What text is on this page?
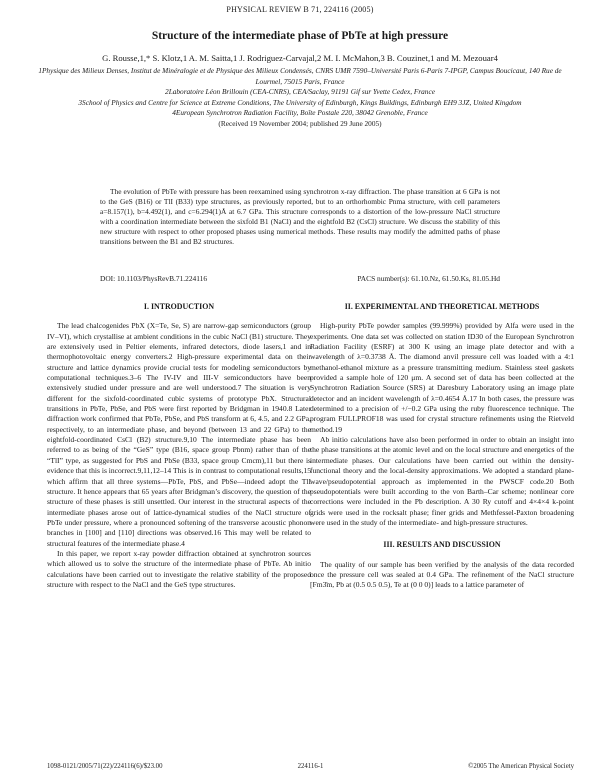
PHYSICAL REVIEW B 71, 224116 (2005)
Structure of the intermediate phase of PbTe at high pressure
G. Rousse,1,* S. Klotz,1 A. M. Saitta,1 J. Rodriguez-Carvajal,2 M. I. McMahon,3 B. Couzinet,1 and M. Mezouar4

1Physique des Milieux Denses, Institut de Minéralogie et de Physique des Milieux Condensés, CNRS UMR 7590–Université Paris 6-Paris 7-IPGP, Campus Boucicaut, 140 Rue de Lourmel, 75015 Paris, France

2Laboratoire Léon Brillouin (CEA-CNRS), CEA/Saclay, 91191 Gif sur Yvette Cedex, France

3School of Physics and Centre for Science at Extreme Conditions, The University of Edinburgh, Kings Buildings, Edinburgh EH9 3JZ, United Kingdom

4European Synchrotron Radiation Facility, Boîte Postale 220, 38042 Grenoble, France

(Received 19 November 2004; published 29 June 2005)

The evolution of PbTe with pressure has been reexamined using synchrotron x-ray diffraction. The phase transition at 6 GPa is not to the GeS (B16) or TlI (B33) type structures, as previously reported, but to an orthorhombic Pnma structure, with cell parameters a=8.157(1), b=4.492(1), and c=6.294(1)Å at 6.7 GPa. This structure corresponds to a distortion of the low-pressure NaCl structure with a coordination intermediate between the sixfold B1 (NaCl) and the eightfold B2 (CsCl) structure. We discuss the stability of this new structure with respect to other proposed phases using numerical methods. These results may modify the admitted paths of phase transitions between the B1 and B2 structures.
DOI: 10.1103/PhysRevB.71.224116	PACS number(s): 61.10.Nz, 61.50.Ks, 81.05.Hd
I. INTRODUCTION

The lead chalcogenides PbX (X=Te, Se, S) are narrow-gap semiconductors (group IV–VI), which crystallise at ambient conditions in the cubic NaCl (B1) structure. They are extensively used in Peltier elements, infrared detectors, diode lasers,1 and in thermophotovoltaic energy converters.2 High-pressure experimental data on their structure and lattice dynamics provide crucial tests for modeling semiconductors by computational techniques.3–6 The IV-IV and III-V semiconductors have been extensively studied under pressure and are well understood.7 The situation is very different for the sixfold-coordinated cubic systems of prototype PbX. Structural transitions in PbTe, PbSe, and PbS were first reported by Bridgman in 1940.8 Later diffraction work confirmed that PbTe, PbSe, and PbS transform at 6, 4.5, and 2.2 GPa, respectively, to an intermediate phase, and beyond (between 13 and 22 GPa) to the eightfold-coordinated CsCl (B2) structure.9,10 The intermediate phase has been referred to as being of the “GeS” type (B16, space group Pbnm) rather than of the “TlI” type, as suggested for PbS and PbSe (B33, space group Cmcm),11 but there is evidence that this is incorrect.9,11,12–14 This is in contrast to computational results,15 which affirm that all three systems—PbTe, PbS, and PbSe—indeed adopt the TlI structure. It hence appears that 65 years after Bridgman’s discovery, the question of the structure of these phases is still unsettled. Our interest in the structural aspects of the intermediate phases arose out of lattice-dynamical studies of the NaCl structure of PbTe under pressure, where a pronounced softening of the transverse acoustic phonon branches in [100] and [110] directions was observed.16 This may well be related to structural features of the intermediate phase.4

In this paper, we report x-ray powder diffraction obtained at synchrotron sources which allowed us to solve the structure of the intermediate phase of PbTe. Ab initio calculations have been carried out to investigate the relative stability of the proposed structure with respect to the NaCl and the GeS type structures.

II. EXPERIMENTAL AND THEORETICAL METHODS

High-purity PbTe powder samples (99.999%) provided by Alfa were used in the experiments. One data set was collected on station ID30 of the European Synchrotron Radiation Facility (ESRF) at 300 K using an image plate detector and with a wavelength of λ=0.3738 Å. The diamond anvil pressure cell was loaded with a 4:1 methanol-ethanol mixture as a pressure transmitting medium. Stainless steel gaskets provided a sample hole of 120 μm. A second set of data has been collected at the Synchrotron Radiation Source (SRS) at Daresbury Laboratory using an image plate detector and an incident wavelength of λ=0.4654 Å.17 In both cases, the pressure was determined to a precision of +/−0.2 GPa using the ruby fluorescence technique. The program FULLPROF18 was used for crystal structure refinements using the Rietveld method.19

Ab initio calculations have also been performed in order to obtain an insight into the phase transitions at the atomic level and on the local structure and energetics of the intermediate phases. Our calculations have been carried out within the density-functional theory and the local-density approximations. We adopted a standard plane-wave/pseudopotential approach as implemented in the PWSCF code.20 Both pseudopotentials were built according to the von Barth–Car scheme; nonlinear core corrections were included in the Pb description. A 30 Ry cutoff and 4×4×4 k-point grids were used in the rocksalt phase; finer grids and Methfessel-Paxton broadening were used in the study of the intermediate- and high-pressure structures.

III. RESULTS AND DISCUSSION

The quality of our sample has been verified by the analysis of the data recorded once the pressure cell was sealed at 0.4 GPa. The refinement of the NaCl structure [Fm3̄m, Pb at (0.5 0.5 0.5), Te at (0 0 0)] leads to a lattice parameter of

1098-0121/2005/71(22)/224116(6)/$23.00	224116-1	©2005 The American Physical Society
